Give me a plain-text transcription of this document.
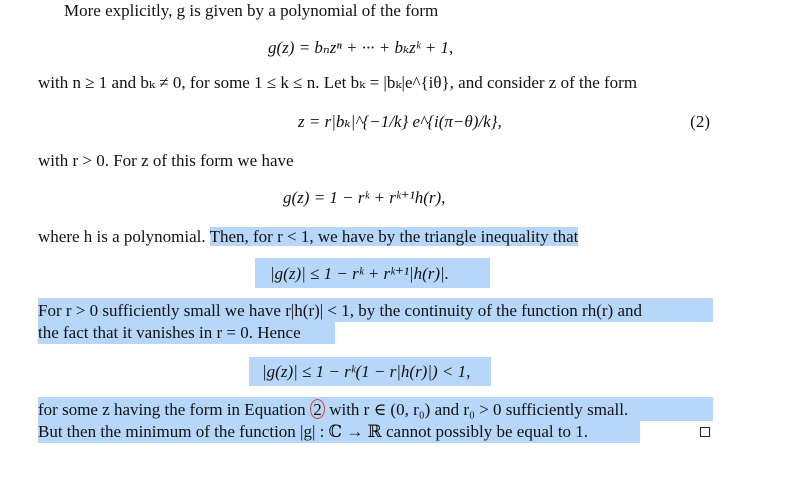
More explicitly, g is given by a polynomial of the form
g(z) = bₙzⁿ + ··· + bₖzᵏ + 1,
with n ≥ 1 and bₖ ≠ 0, for some 1 ≤ k ≤ n. Let bₖ = |bₖ|e^{iθ}, and consider z of the form
z = r|bₖ|^{−1/k} e^{i(π−θ)/k},	(2)
with r > 0. For z of this form we have
g(z) = 1 − rᵏ + rᵏ⁺¹h(r),
where h is a polynomial. Then, for r < 1, we have by the triangle inequality that
|g(z)| ≤ 1 − rᵏ + rᵏ⁺¹|h(r)|.
For r > 0 sufficiently small we have r|h(r)| < 1, by the continuity of the function rh(r) and
the fact that it vanishes in r = 0. Hence
|g(z)| ≤ 1 − rᵏ(1 − r|h(r)|) < 1,
for some z having the form in Equation 2 with r ∈ (0, r₀) and r₀ > 0 sufficiently small.
But then the minimum of the function |g| : ℂ → ℝ cannot possibly be equal to 1.
